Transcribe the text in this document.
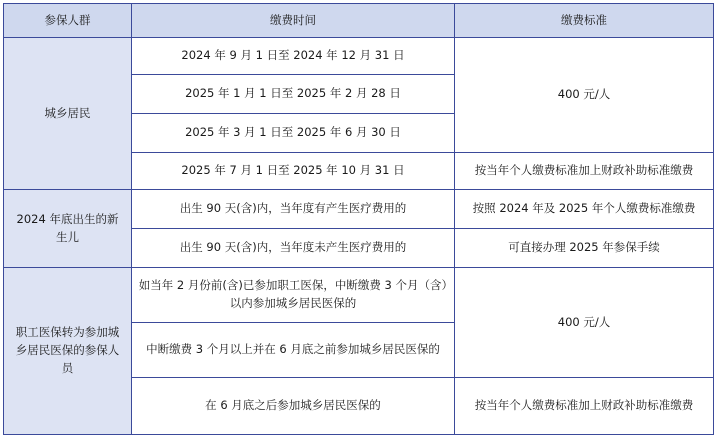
参保人群	缴费时间	缴费标准
城乡居民	2024 年 9 月 1 日至 2024 年 12 月 31 日	400 元/人
	2025 年 1 月 1 日至 2025 年 2 月 28 日	
	2025 年 3 月 1 日至 2025 年 6 月 30 日	
	2025 年 7 月 1 日至 2025 年 10 月 31 日	按当年个人缴费标准加上财政补助标准缴费
2024 年底出生的新生儿	出生 90 天(含)内，当年度有产生医疗费用的	按照 2024 年及 2025 年个人缴费标准缴费
	出生 90 天(含)内，当年度未产生医疗费用的	可直接办理 2025 年参保手续
职工医保转为参加城乡居民医保的参保人员	如当年 2 月份前(含)已参加职工医保，中断缴费 3 个月（含）以内参加城乡居民医保的	400 元/人
	中断缴费 3 个月以上并在 6 月底之前参加城乡居民医保的	
	在 6 月底之后参加城乡居民医保的	按当年个人缴费标准加上财政补助标准缴费
